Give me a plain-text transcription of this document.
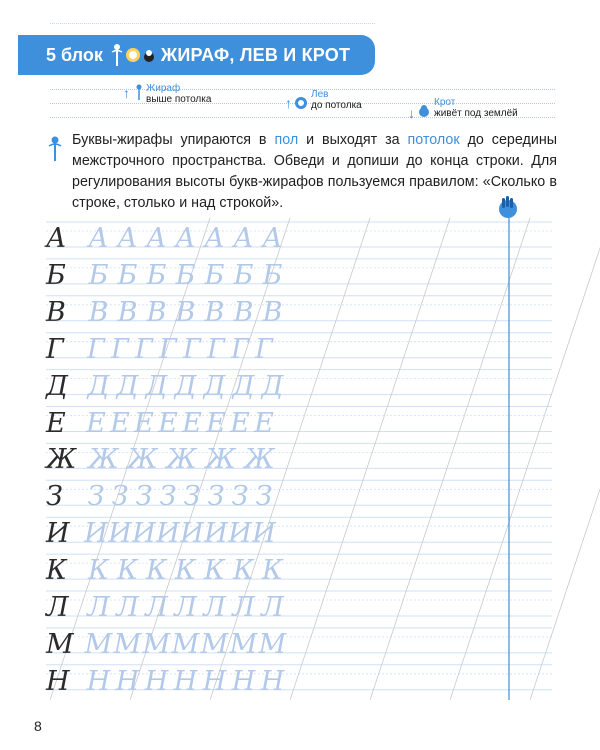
5 блок	ЖИРАФ, ЛЕВ И КРОТ
↑ Жираф
выше потолка	↑
Лев
до потолка	↓
Крот
живёт под землёй
Буквы-жирафы упираются в пол и выходят за потолок до середины межстрочного пространства. Обведи и допиши до конца строки. Для регулирования высоты букв-жирафов пользуемся правилом: «Сколько в строке, столько и над строкой».
А А А А А А А А
Б Б Б Б Б Б Б Б
В В В В В В В В
Г Г Г Г Г Г Г Г Г
Д Д Д Д Д Д Д Д
Е Е Е Е Е Е Е Е Е
Ж Ж Ж Ж Ж Ж
З З З З З З З З З
И И И И И И И И И
К К К К К К К К
Л Л Л Л Л Л Л Л
М М М М М М М М
Н Н Н Н Н Н Н Н
8
